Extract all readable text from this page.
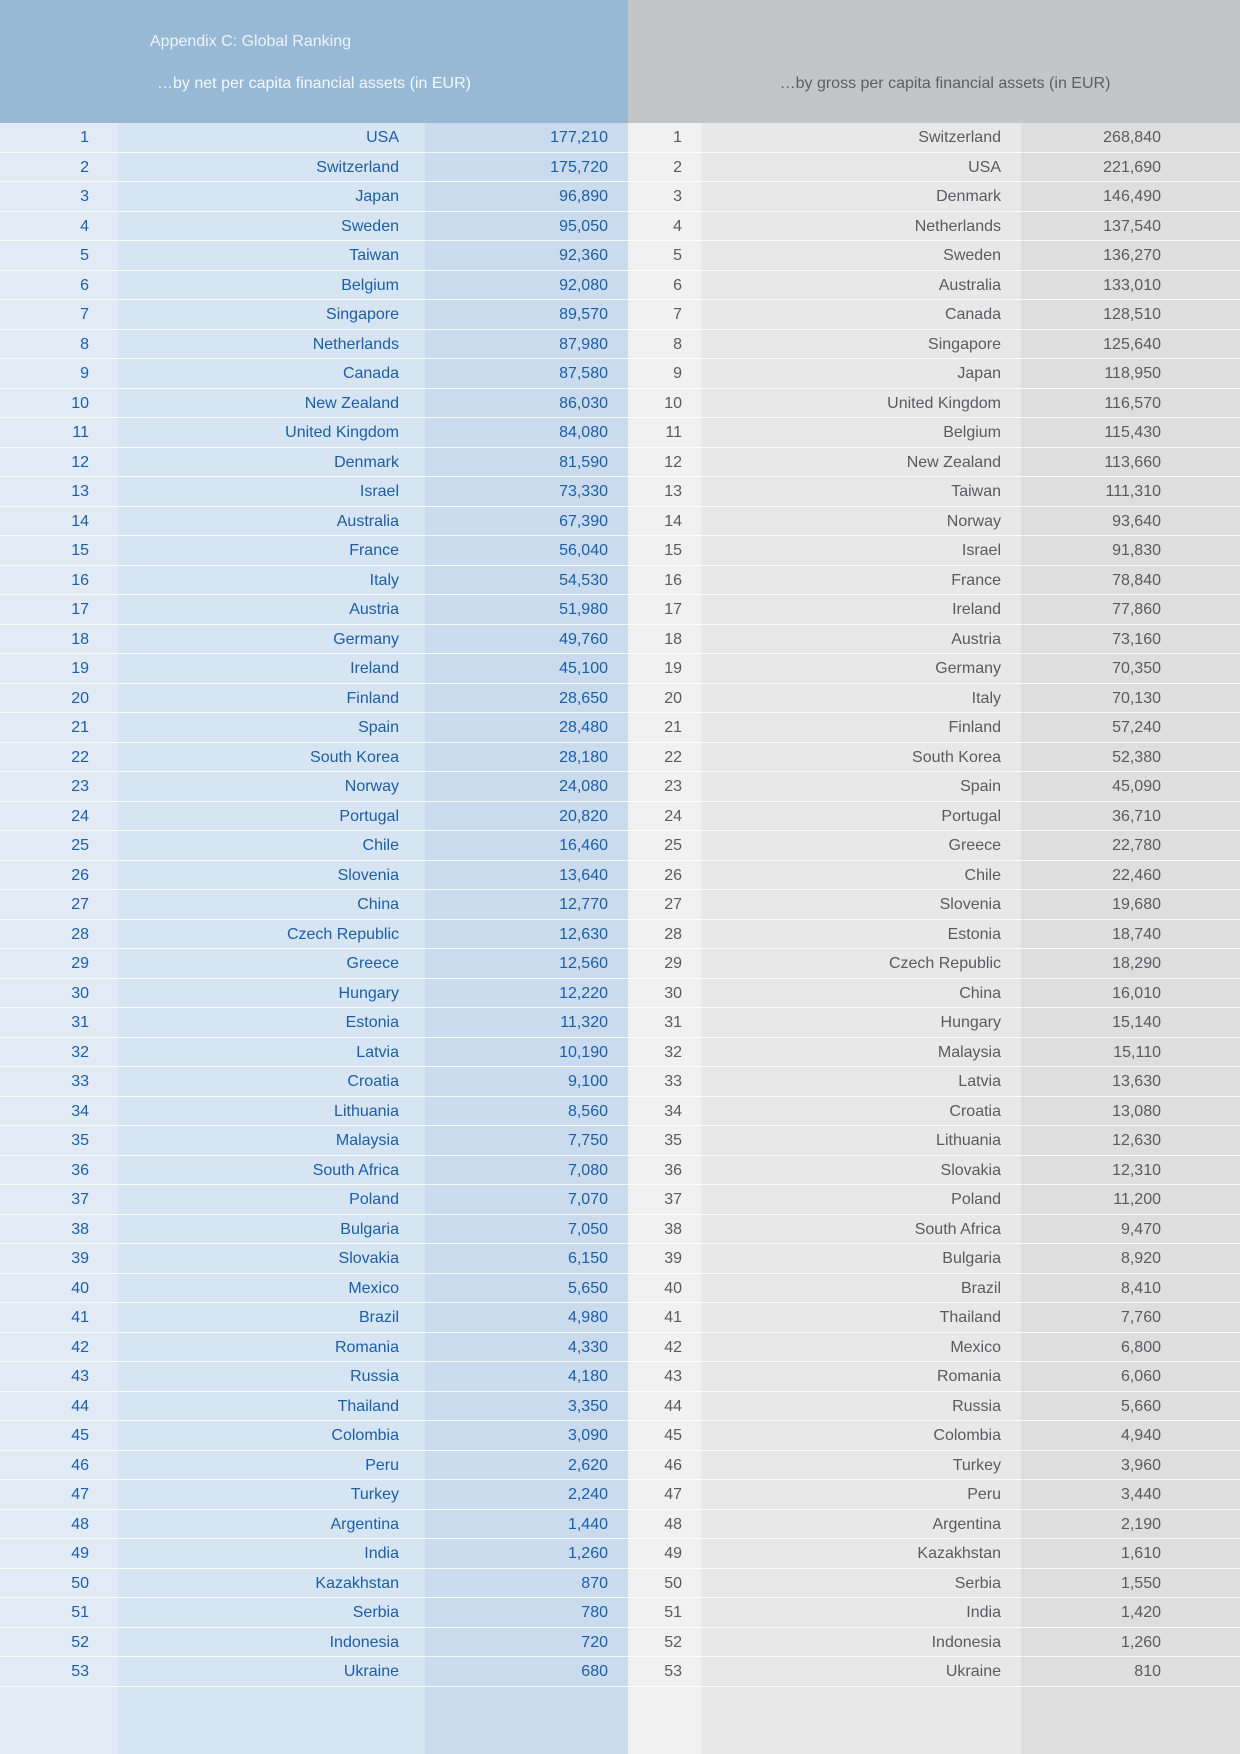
Appendix C: Global Ranking
…by net per capita financial assets (in EUR)	…by gross per capita financial assets (in EUR)
1	USA	177,210	1	Switzerland	268,840
2	Switzerland	175,720	2	USA	221,690
3	Japan	96,890	3	Denmark	146,490
4	Sweden	95,050	4	Netherlands	137,540
5	Taiwan	92,360	5	Sweden	136,270
6	Belgium	92,080	6	Australia	133,010
7	Singapore	89,570	7	Canada	128,510
8	Netherlands	87,980	8	Singapore	125,640
9	Canada	87,580	9	Japan	118,950
10	New Zealand	86,030	10	United Kingdom	116,570
11	United Kingdom	84,080	11	Belgium	115,430
12	Denmark	81,590	12	New Zealand	113,660
13	Israel	73,330	13	Taiwan	111,310
14	Australia	67,390	14	Norway	93,640
15	France	56,040	15	Israel	91,830
16	Italy	54,530	16	France	78,840
17	Austria	51,980	17	Ireland	77,860
18	Germany	49,760	18	Austria	73,160
19	Ireland	45,100	19	Germany	70,350
20	Finland	28,650	20	Italy	70,130
21	Spain	28,480	21	Finland	57,240
22	South Korea	28,180	22	South Korea	52,380
23	Norway	24,080	23	Spain	45,090
24	Portugal	20,820	24	Portugal	36,710
25	Chile	16,460	25	Greece	22,780
26	Slovenia	13,640	26	Chile	22,460
27	China	12,770	27	Slovenia	19,680
28	Czech Republic	12,630	28	Estonia	18,740
29	Greece	12,560	29	Czech Republic	18,290
30	Hungary	12,220	30	China	16,010
31	Estonia	11,320	31	Hungary	15,140
32	Latvia	10,190	32	Malaysia	15,110
33	Croatia	9,100	33	Latvia	13,630
34	Lithuania	8,560	34	Croatia	13,080
35	Malaysia	7,750	35	Lithuania	12,630
36	South Africa	7,080	36	Slovakia	12,310
37	Poland	7,070	37	Poland	11,200
38	Bulgaria	7,050	38	South Africa	9,470
39	Slovakia	6,150	39	Bulgaria	8,920
40	Mexico	5,650	40	Brazil	8,410
41	Brazil	4,980	41	Thailand	7,760
42	Romania	4,330	42	Mexico	6,800
43	Russia	4,180	43	Romania	6,060
44	Thailand	3,350	44	Russia	5,660
45	Colombia	3,090	45	Colombia	4,940
46	Peru	2,620	46	Turkey	3,960
47	Turkey	2,240	47	Peru	3,440
48	Argentina	1,440	48	Argentina	2,190
49	India	1,260	49	Kazakhstan	1,610
50	Kazakhstan	870	50	Serbia	1,550
51	Serbia	780	51	India	1,420
52	Indonesia	720	52	Indonesia	1,260
53	Ukraine	680	53	Ukraine	810
